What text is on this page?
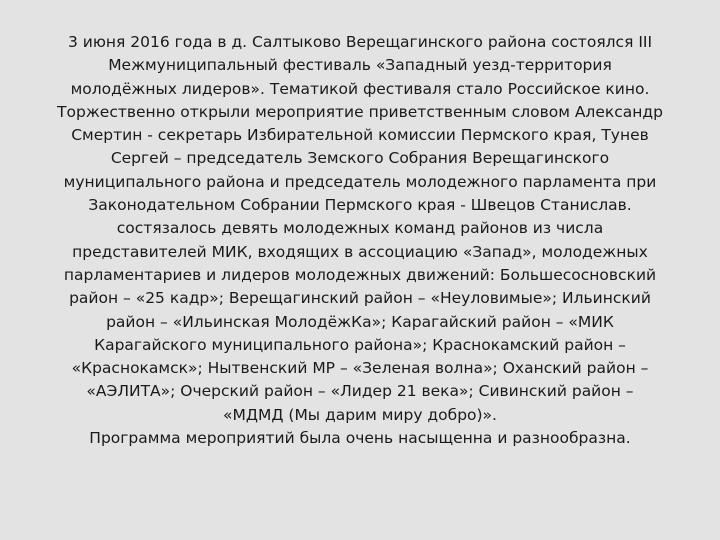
3 июня 2016 года в д. Салтыково Верещагинского района состоялся III
Межмуниципальный фестиваль «Западный уезд-территория
молодёжных лидеров». Тематикой фестиваля стало Российское кино.
Торжественно открыли мероприятие приветственным словом Александр
Смертин - секретарь Избирательной комиссии Пермского края, Тунев
Сергей – председатель Земского Собрания Верещагинского
муниципального района и председатель молодежного парламента при
Законодательном Собрании Пермского края - Швецов Станислав.
состязалось девять молодежных команд районов из числа
представителей МИК, входящих в ассоциацию «Запад», молодежных
парламентариев и лидеров молодежных движений: Большесосновский
район – «25 кадр»; Верещагинский район – «Неуловимые»; Ильинский
район – «Ильинская МолодёжКа»; Карагайский район – «МИК
Карагайского муниципального района»; Краснокамский район –
«Краснокамск»; Нытвенский МР – «Зеленая волна»; Оханский район –
«АЭЛИТА»; Очерский район – «Лидер 21 века»; Сивинский район –
«МДМД (Мы дарим миру добро)».
Программа мероприятий была очень насыщенна и разнообразна.
